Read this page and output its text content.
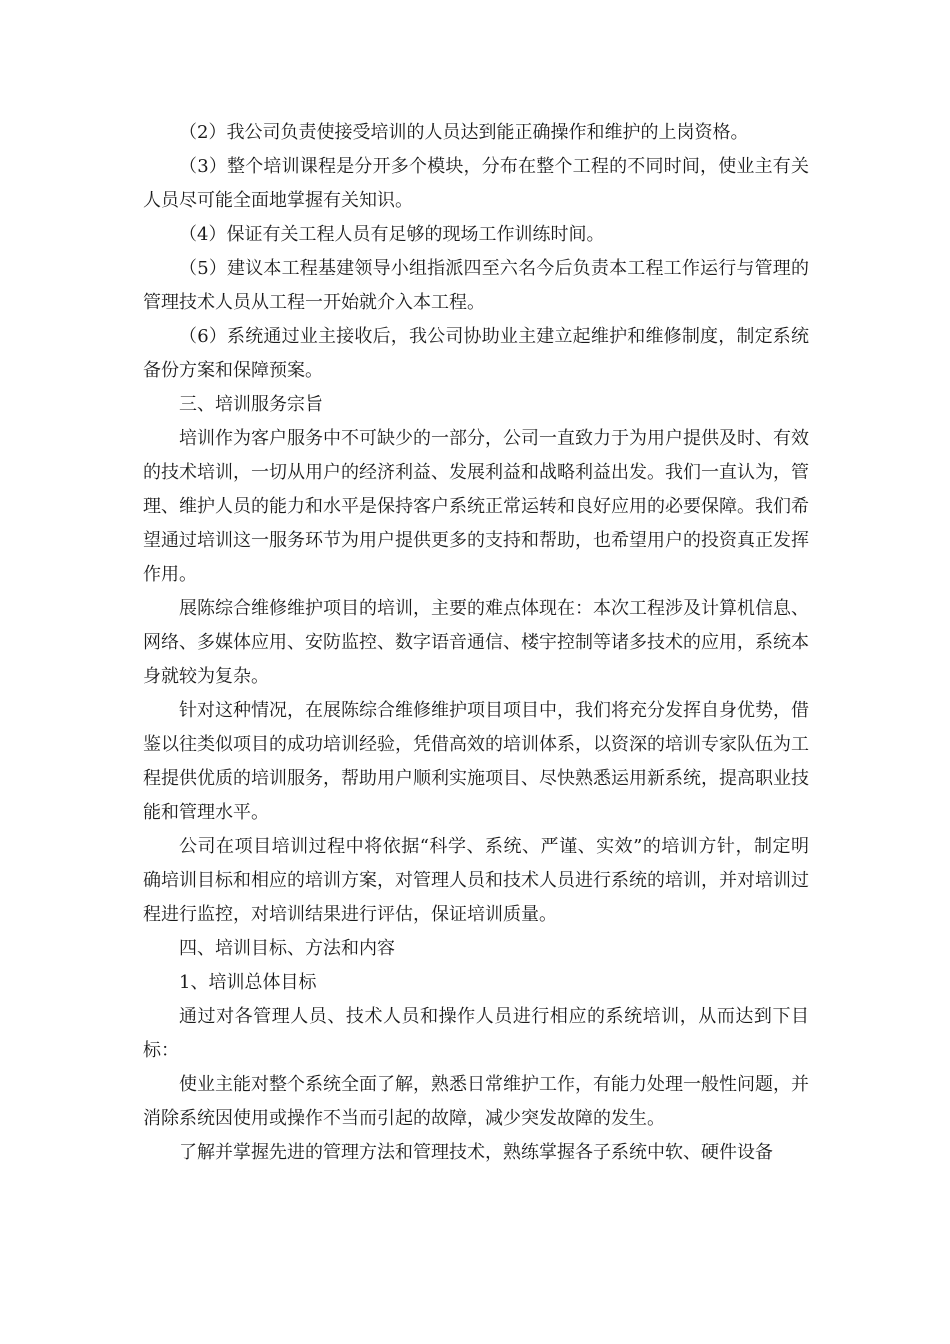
（2）我公司负责使接受培训的人员达到能正确操作和维护的上岗资格。

（3）整个培训课程是分开多个模块，分布在整个工程的不同时间，使业主有关人员尽可能全面地掌握有关知识。

（4）保证有关工程人员有足够的现场工作训练时间。

（5）建议本工程基建领导小组指派四至六名今后负责本工程工作运行与管理的管理技术人员从工程一开始就介入本工程。

（6）系统通过业主接收后，我公司协助业主建立起维护和维修制度，制定系统备份方案和保障预案。

三、培训服务宗旨

培训作为客户服务中不可缺少的一部分，公司一直致力于为用户提供及时、有效的技术培训，一切从用户的经济利益、发展利益和战略利益出发。我们一直认为，管理、维护人员的能力和水平是保持客户系统正常运转和良好应用的必要保障。我们希望通过培训这一服务环节为用户提供更多的支持和帮助，也希望用户的投资真正发挥作用。

展陈综合维修维护项目的培训，主要的难点体现在：本次工程涉及计算机信息、网络、多媒体应用、安防监控、数字语音通信、楼宇控制等诸多技术的应用，系统本身就较为复杂。

针对这种情况，在展陈综合维修维护项目项目中，我们将充分发挥自身优势，借鉴以往类似项目的成功培训经验，凭借高效的培训体系，以资深的培训专家队伍为工程提供优质的培训服务，帮助用户顺利实施项目、尽快熟悉运用新系统，提高职业技能和管理水平。

公司在项目培训过程中将依据“科学、系统、严谨、实效”的培训方针，制定明确培训目标和相应的培训方案，对管理人员和技术人员进行系统的培训，并对培训过程进行监控，对培训结果进行评估，保证培训质量。

四、培训目标、方法和内容

1、培训总体目标

通过对各管理人员、技术人员和操作人员进行相应的系统培训，从而达到下目标：

使业主能对整个系统全面了解，熟悉日常维护工作，有能力处理一般性问题，并消除系统因使用或操作不当而引起的故障，减少突发故障的发生。

了解并掌握先进的管理方法和管理技术，熟练掌握各子系统中软、硬件设备
